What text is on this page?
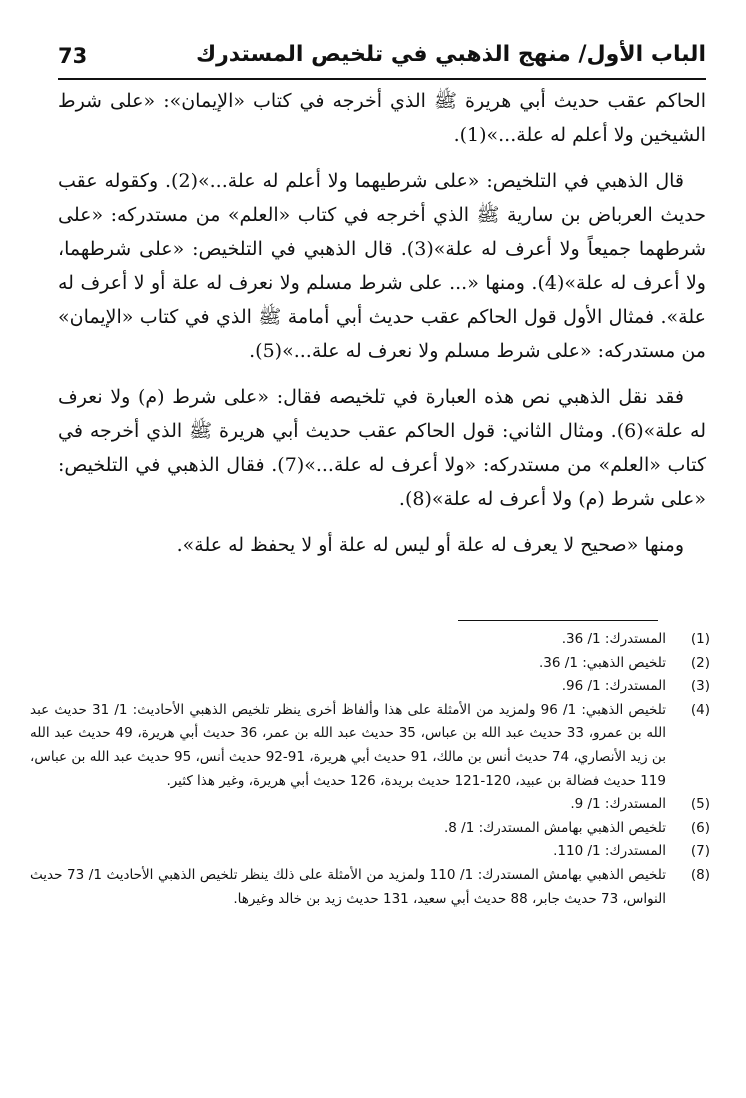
73	الباب الأول/ منهج الذهبي في تلخيص المستدرك

الحاكم عقب حديث أبي هريرة ﷺ الذي أخرجه في كتاب «الإيمان»: «على شرط الشيخين ولا أعلم له علة...»(1).

قال الذهبي في التلخيص: «على شرطيهما ولا أعلم له علة...»(2). وكقوله عقب حديث العرباض بن سارية ﷺ الذي أخرجه في كتاب «العلم» من مستدركه: «على شرطهما جميعاً ولا أعرف له علة»(3). قال الذهبي في التلخيص: «على شرطهما، ولا أعرف له علة»(4). ومنها «... على شرط مسلم ولا نعرف له علة أو لا أعرف له علة». فمثال الأول قول الحاكم عقب حديث أبي أمامة ﷺ الذي في كتاب «الإيمان» من مستدركه: «على شرط مسلم ولا نعرف له علة...»(5).

فقد نقل الذهبي نص هذه العبارة في تلخيصه فقال: «على شرط (م) ولا نعرف له علة»(6). ومثال الثاني: قول الحاكم عقب حديث أبي هريرة ﷺ الذي أخرجه في كتاب «العلم» من مستدركه: «ولا أعرف له علة...»(7). فقال الذهبي في التلخيص: «على شرط (م) ولا أعرف له علة»(8).

ومنها «صحيح لا يعرف له علة أو ليس له علة أو لا يحفظ له علة».

(1)
المستدرك: 1/ 36.
(2)
تلخيص الذهبي: 1/ 36.
(3)
المستدرك: 1/ 96.
(4)
تلخيص الذهبي: 1/ 96 ولمزيد من الأمثلة على هذا وألفاظ أخرى ينظر تلخيص الذهبي الأحاديث: 1/ 31 حديث عبد الله بن عمرو، 33 حديث عبد الله بن عباس، 35 حديث عبد الله بن عمر، 36 حديث أبي هريرة، 49 حديث عبد الله بن زيد الأنصاري، 74 حديث أنس بن مالك، 91 حديث أبي هريرة، 91-92 حديث أنس، 95 حديث عبد الله بن عباس، 119 حديث فضالة بن عبيد، 120-121 حديث بريدة، 126 حديث أبي هريرة، وغير هذا كثير.
(5)
المستدرك: 1/ 9.
(6)
تلخيص الذهبي بهامش المستدرك: 1/ 8.
(7)
المستدرك: 1/ 110.
(8)
تلخيص الذهبي بهامش المستدرك: 1/ 110 ولمزيد من الأمثلة على ذلك ينظر تلخيص الذهبي الأحاديث 1/ 73 حديث النواس، 73 حديث جابر، 88 حديث أبي سعيد، 131 حديث زيد بن خالد وغيرها.
